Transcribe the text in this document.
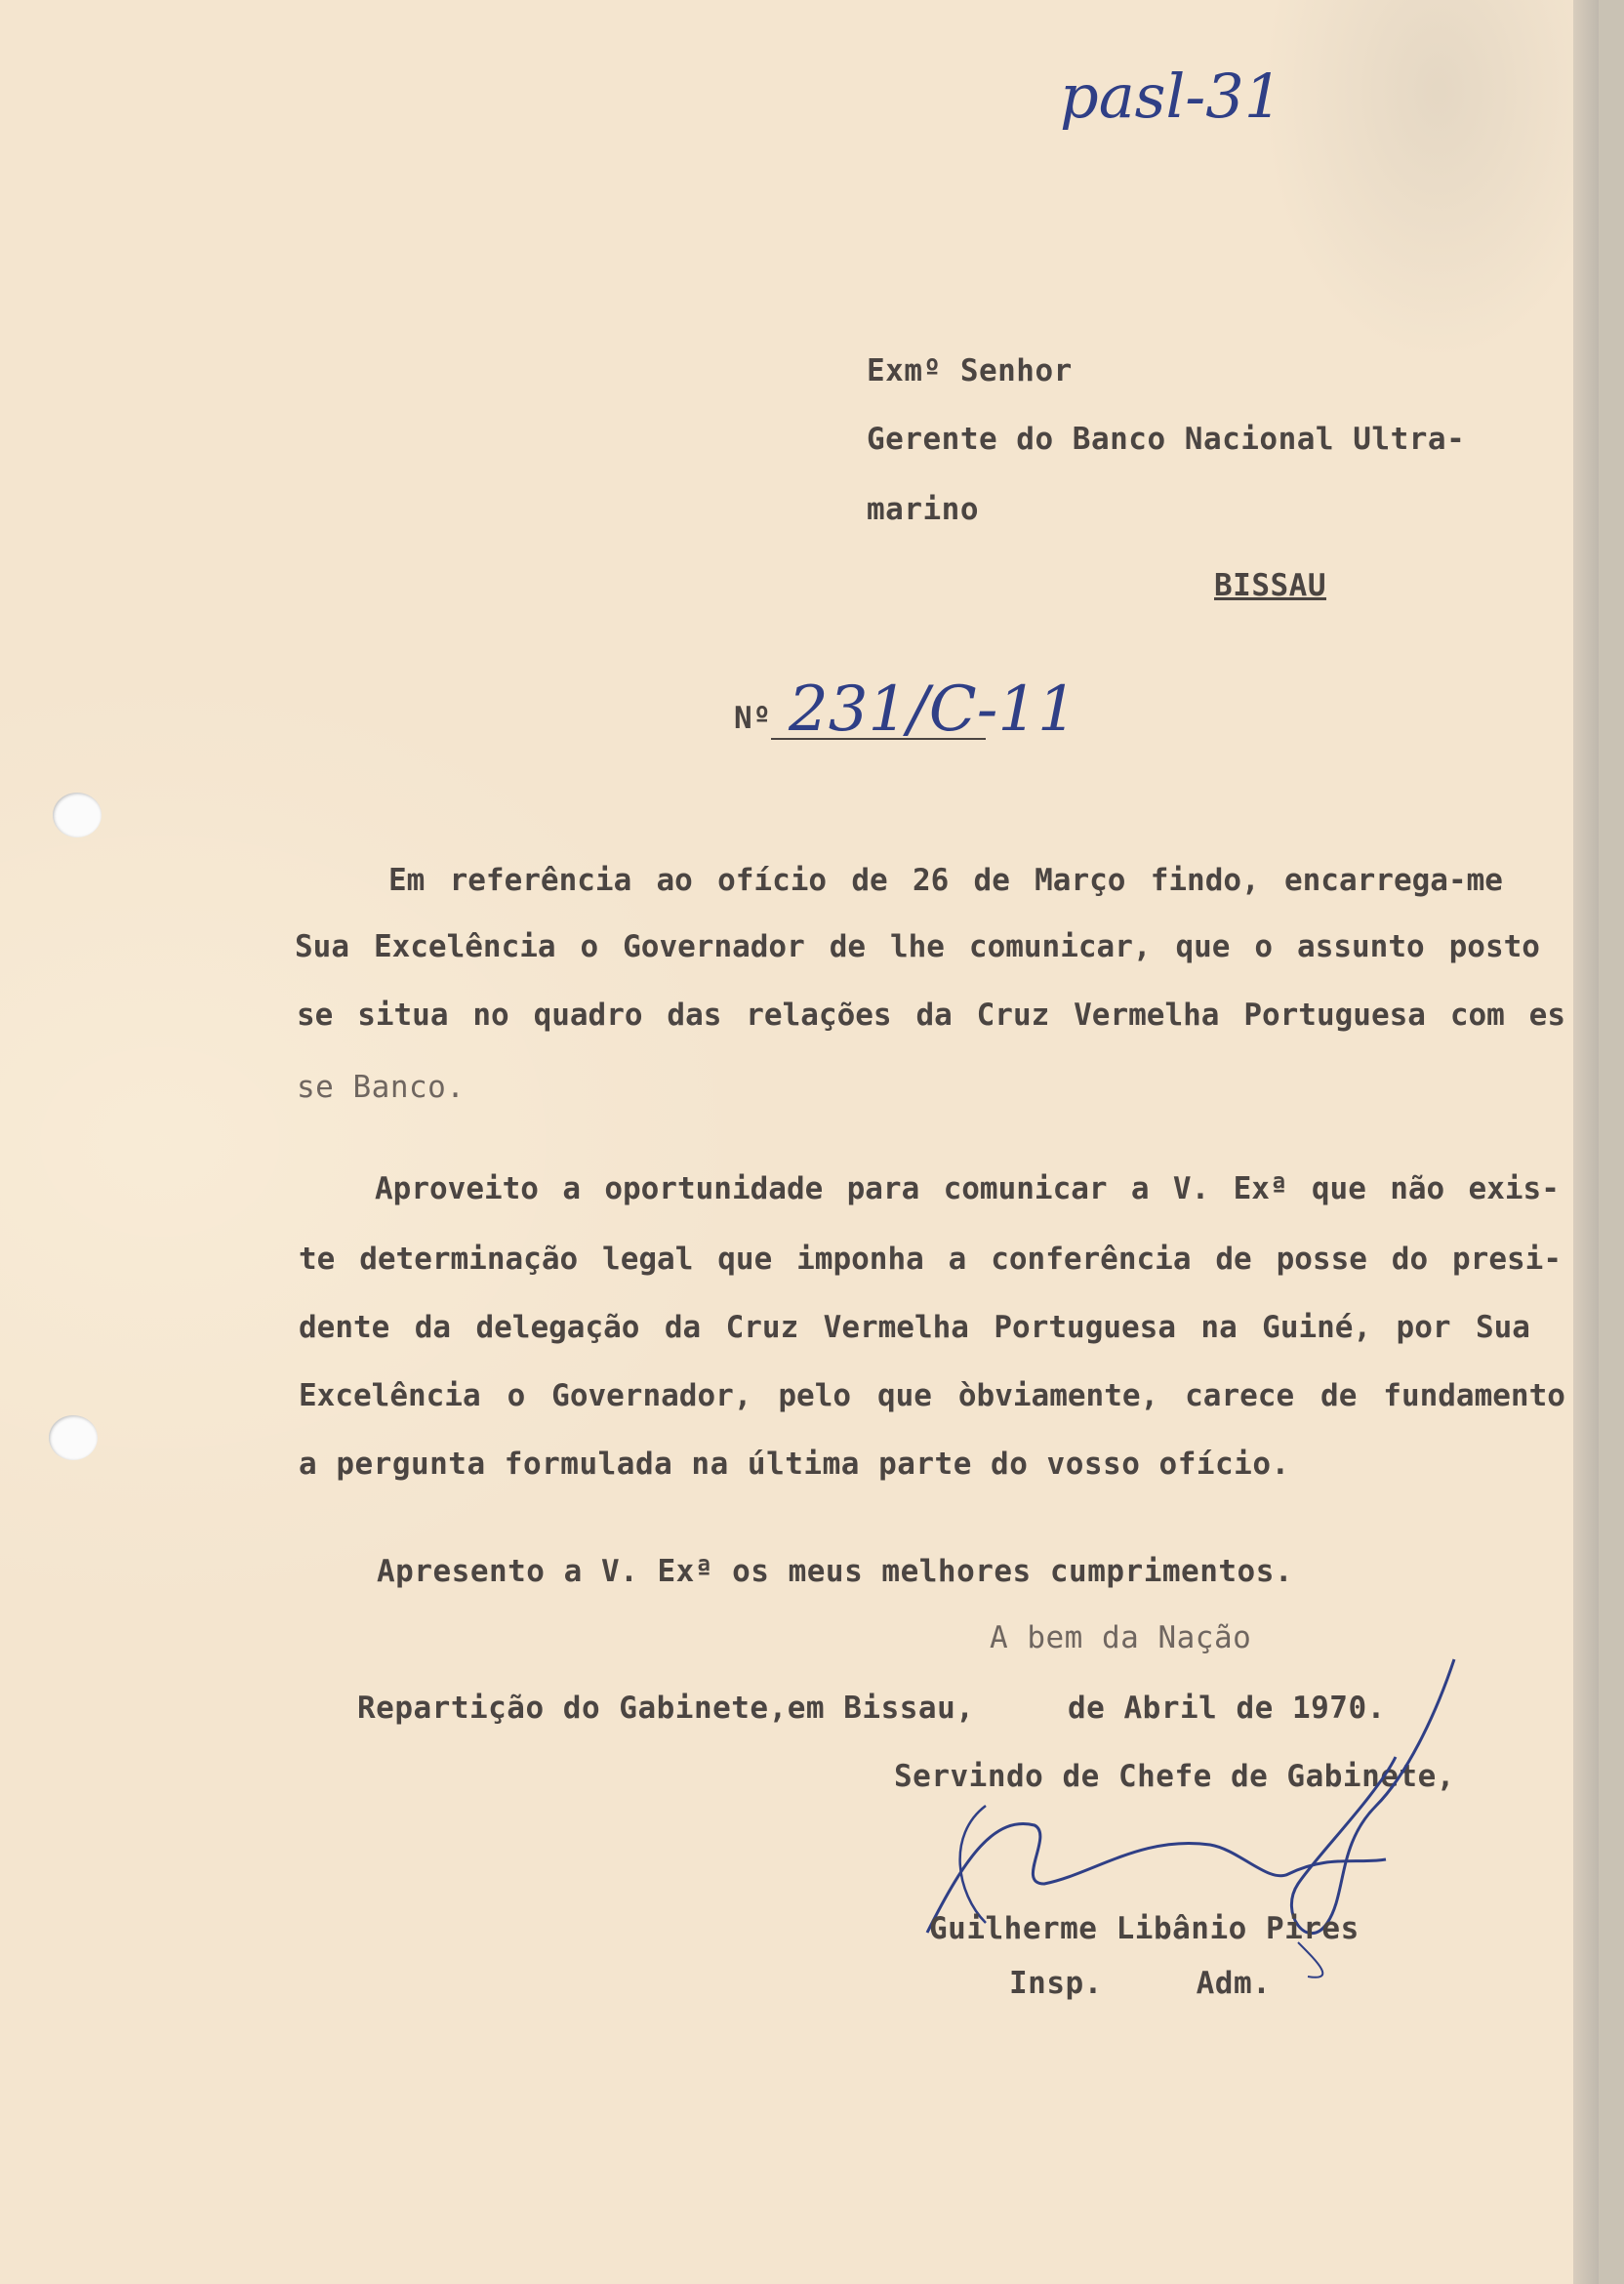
pasl-31
Exmº Senhor
Gerente do Banco Nacional Ultra-
marino
BISSAU
Nº 231/C-11
Em referência ao ofício de 26 de Março findo, encarrega-me
Sua Excelência o Governador de lhe comunicar, que o assunto posto
se situa no quadro das relações da Cruz Vermelha Portuguesa com es
se Banco.
Aproveito a oportunidade para comunicar a V. Exª que não exis-
te determinação legal que imponha a conferência de posse do presi-
dente da delegação da Cruz Vermelha Portuguesa na Guiné, por Sua
Excelência o Governador, pelo que òbviamente, carece de fundamento
a pergunta formulada na última parte do vosso ofício.
Apresento a V. Exª os meus melhores cumprimentos.
A bem da Nação
Repartição do Gabinete,em Bissau,	de Abril de 1970.
Servindo de Chefe de Gabinete,
Guilherme Libânio Pires
Insp.     Adm.
